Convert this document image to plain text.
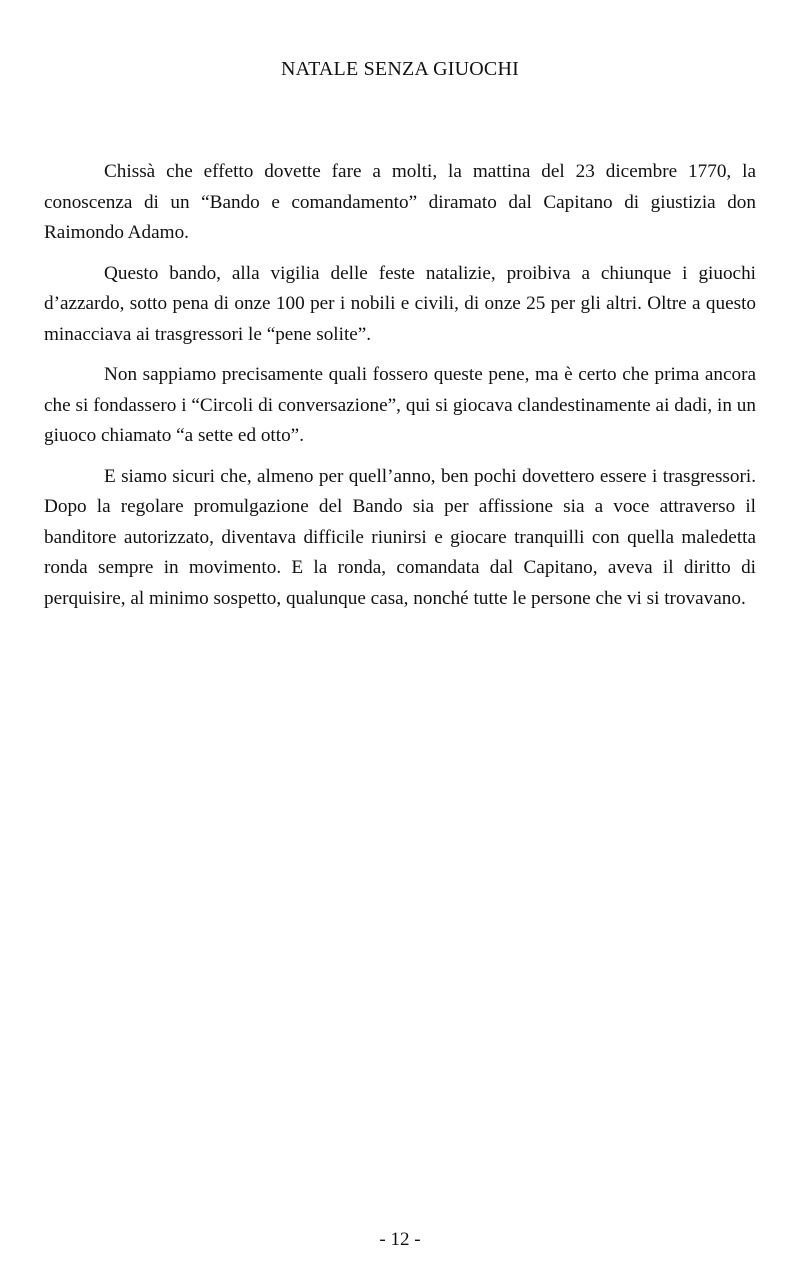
NATALE SENZA GIUOCHI

Chissà che effetto dovette fare a molti, la mattina del 23 dicembre 1770, la conoscenza di un “Bando e comandamento” diramato dal Capitano di giustizia don Raimondo Adamo.

Questo bando, alla vigilia delle feste natalizie, proibiva a chiunque i giuochi d’azzardo, sotto pena di onze 100 per i nobili e civili, di onze 25 per gli altri. Oltre a questo minacciava ai trasgressori le “pene solite”.

Non sappiamo precisamente quali fossero queste pene, ma è certo che prima ancora che si fondassero i “Circoli di conversazione”, qui si giocava clandestinamente ai dadi, in un giuoco chiamato “a sette ed otto”.

E siamo sicuri che, almeno per quell’anno, ben pochi dovettero essere i trasgressori. Dopo la regolare promulgazione del Bando sia per affissione sia a voce attraverso il banditore autorizzato, diventava difficile riunirsi e giocare tranquilli con quella maledetta ronda sempre in movimento. E la ronda, comandata dal Capitano, aveva il diritto di perquisire, al minimo sospetto, qualunque casa, nonché tutte le persone che vi si trovavano.

- 12 -
